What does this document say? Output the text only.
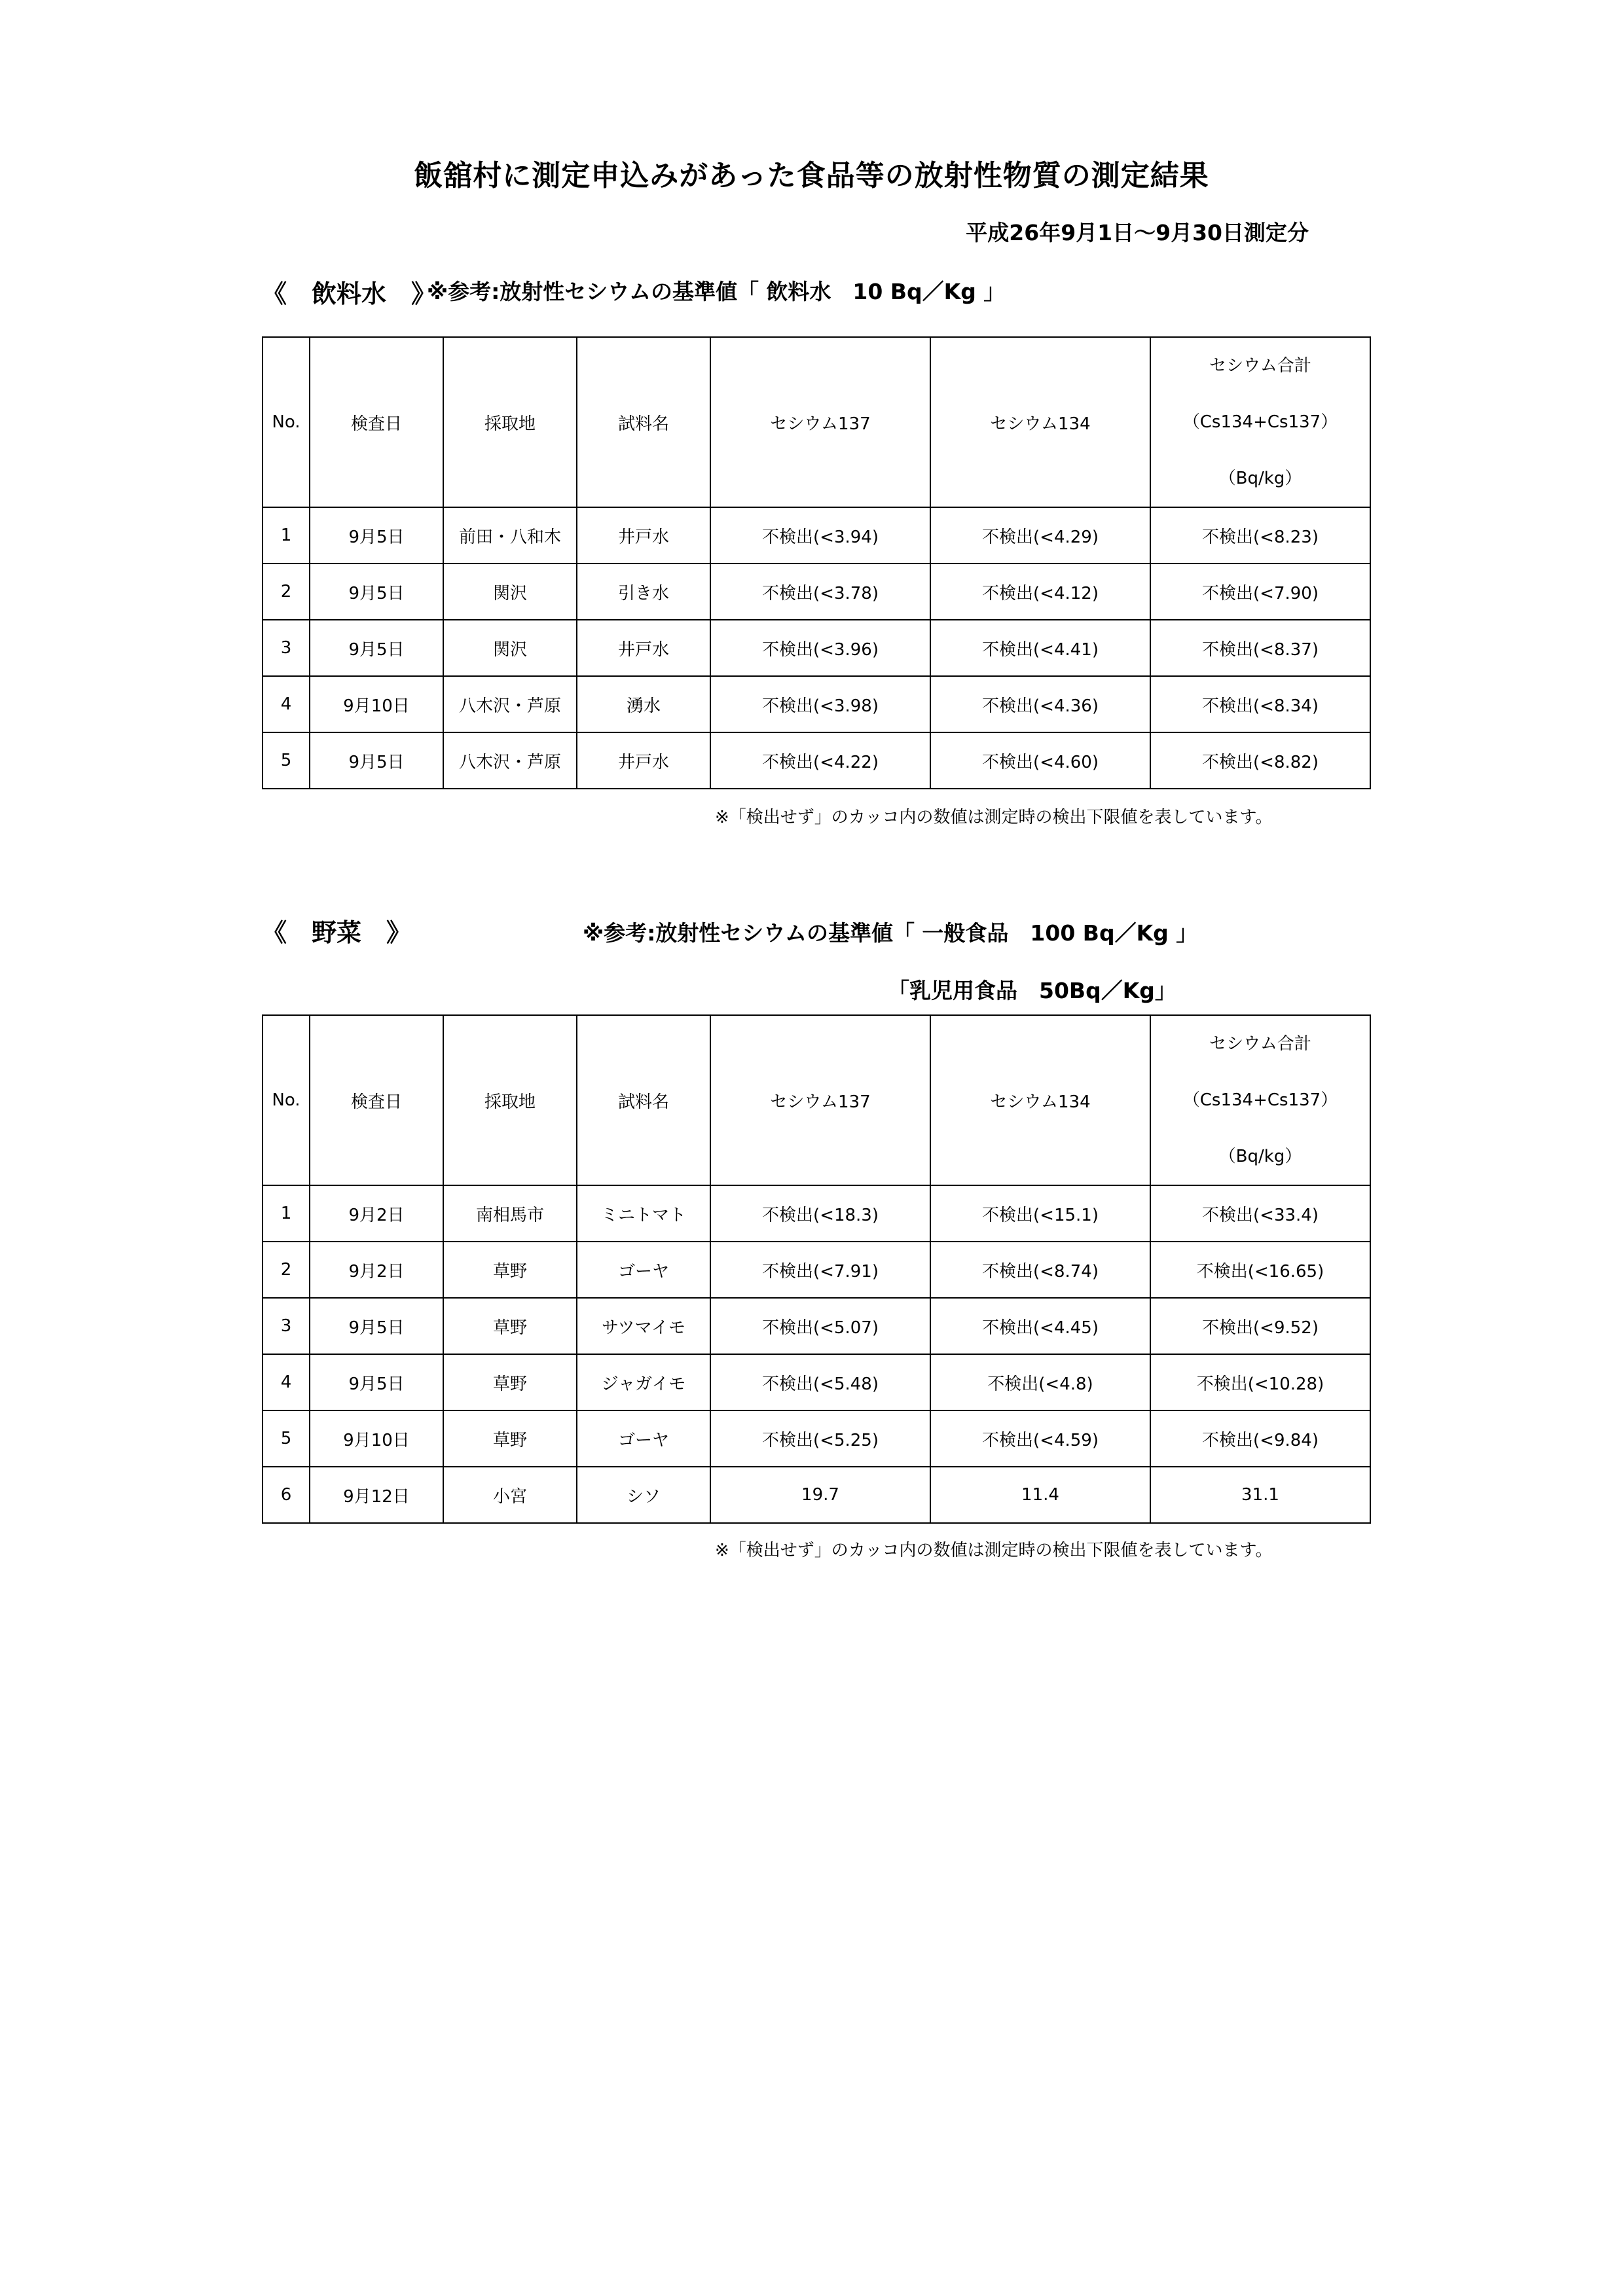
飯舘村に測定申込みがあった食品等の放射性物質の測定結果
平成26年9月1日～9月30日測定分
《　飲料水　》
※参考:放射性セシウムの基準値「 飲料水　10 Bq／Kg 」
No.	検査日	採取地	試料名	セシウム137	セシウム134	セシウム合計
（Cs134+Cs137）
（Bq/kg）

1	9月5日	前田・八和木	井戸水	不検出(<3.94)	不検出(<4.29)	不検出(<8.23)
2	9月5日	関沢	引き水	不検出(<3.78)	不検出(<4.12)	不検出(<7.90)
3	9月5日	関沢	井戸水	不検出(<3.96)	不検出(<4.41)	不検出(<8.37)
4	9月10日	八木沢・芦原	湧水	不検出(<3.98)	不検出(<4.36)	不検出(<8.34)
5	9月5日	八木沢・芦原	井戸水	不検出(<4.22)	不検出(<4.60)	不検出(<8.82)
※「検出せず」のカッコ内の数値は測定時の検出下限値を表しています。
《　野菜　》	※参考:放射性セシウムの基準値「 一般食品　100 Bq／Kg 」
「乳児用食品　50Bq／Kg」
No.	検査日	採取地	試料名	セシウム137	セシウム134	セシウム合計
（Cs134+Cs137）
（Bq/kg）

1	9月2日	南相馬市	ミニトマト	不検出(<18.3)	不検出(<15.1)	不検出(<33.4)
2	9月2日	草野	ゴーヤ	不検出(<7.91)	不検出(<8.74)	不検出(<16.65)
3	9月5日	草野	サツマイモ	不検出(<5.07)	不検出(<4.45)	不検出(<9.52)
4	9月5日	草野	ジャガイモ	不検出(<5.48)	不検出(<4.8)	不検出(<10.28)
5	9月10日	草野	ゴーヤ	不検出(<5.25)	不検出(<4.59)	不検出(<9.84)
6	9月12日	小宮	シソ	19.7	11.4	31.1
※「検出せず」のカッコ内の数値は測定時の検出下限値を表しています。
